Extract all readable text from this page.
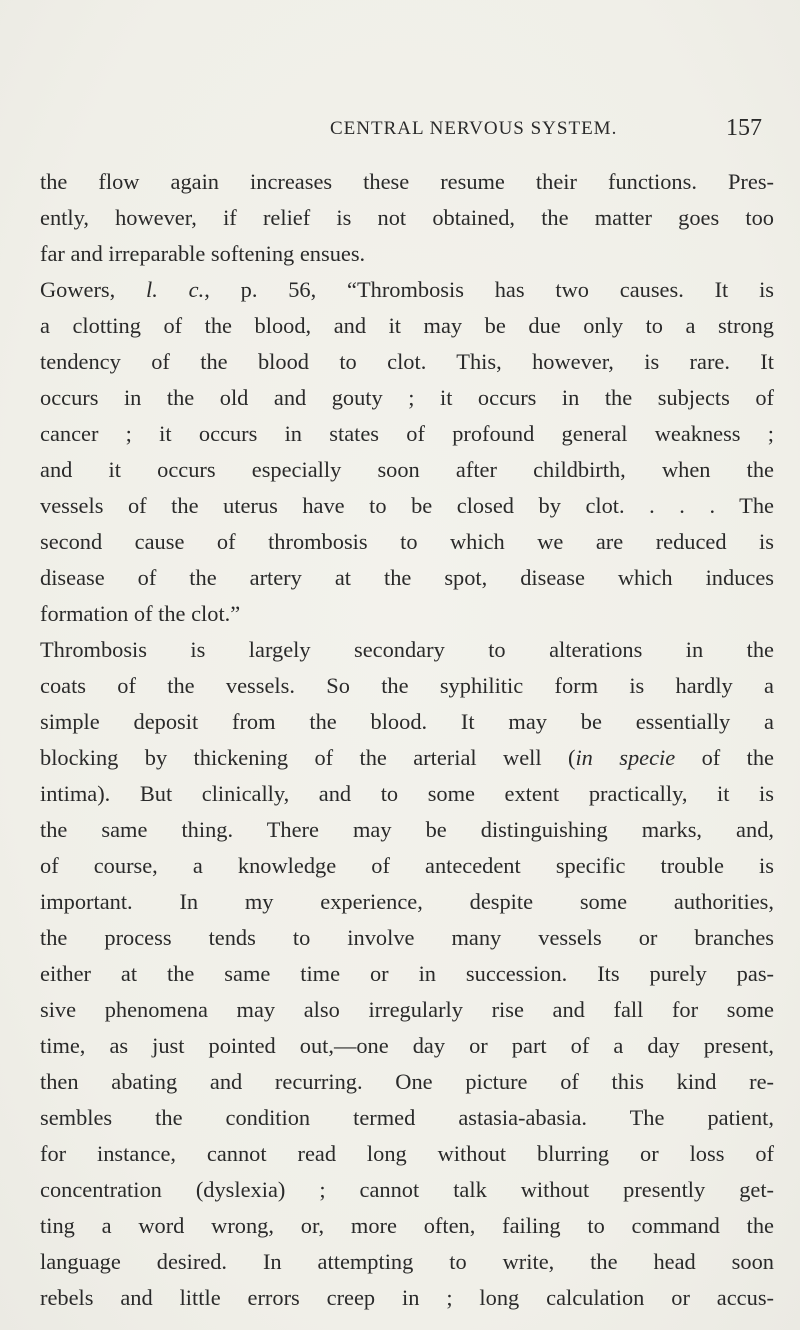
CENTRAL NERVOUS SYSTEM.	157
the flow again increases these resume their functions. Pres-
ently, however, if relief is not obtained, the matter goes too
far and irreparable softening ensues.
Gowers, l. c., p. 56, “Thrombosis has two causes. It is
a clotting of the blood, and it may be due only to a strong
tendency of the blood to clot. This, however, is rare. It
occurs in the old and gouty ; it occurs in the subjects of
cancer ; it occurs in states of profound general weakness ;
and it occurs especially soon after childbirth, when the
vessels of the uterus have to be closed by clot. . . . The
second cause of thrombosis to which we are reduced is
disease of the artery at the spot, disease which induces
formation of the clot.”
Thrombosis is largely secondary to alterations in the
coats of the vessels. So the syphilitic form is hardly a
simple deposit from the blood. It may be essentially a
blocking by thickening of the arterial well (in specie of the
intima). But clinically, and to some extent practically, it is
the same thing. There may be distinguishing marks, and,
of course, a knowledge of antecedent specific trouble is
important. In my experience, despite some authorities,
the process tends to involve many vessels or branches
either at the same time or in succession. Its purely pas-
sive phenomena may also irregularly rise and fall for some
time, as just pointed out,—one day or part of a day present,
then abating and recurring. One picture of this kind re-
sembles the condition termed astasia-abasia. The patient,
for instance, cannot read long without blurring or loss of
concentration (dyslexia) ; cannot talk without presently get-
ting a word wrong, or, more often, failing to command the
language desired. In attempting to write, the head soon
rebels and little errors creep in ; long calculation or accus-
